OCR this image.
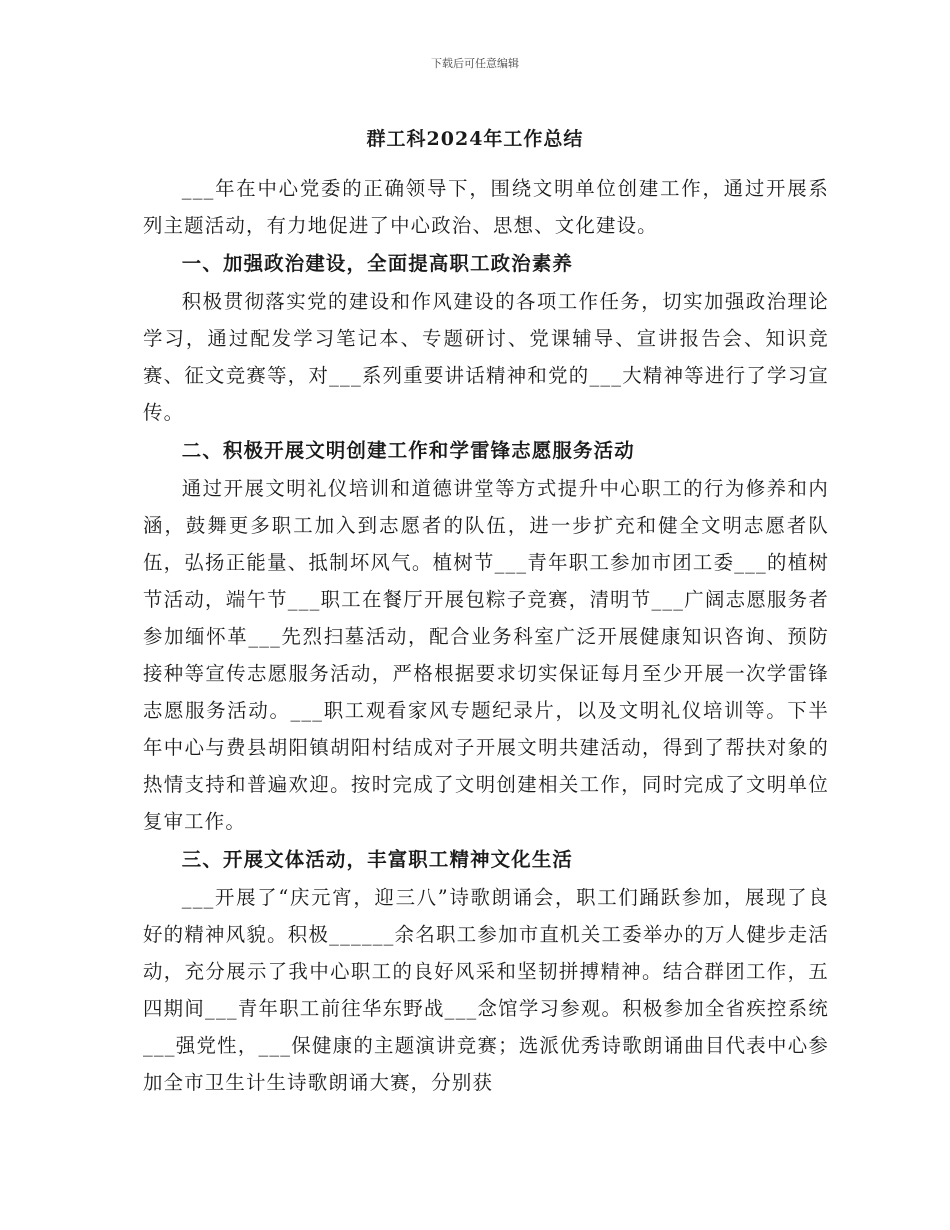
下载后可任意编辑
群工科2024年工作总结

___年在中心党委的正确领导下，围绕文明单位创建工作，通过开展系列主题活动，有力地促进了中心政治、思想、文化建设。

一、加强政治建设，全面提高职工政治素养

积极贯彻落实党的建设和作风建设的各项工作任务，切实加强政治理论学习，通过配发学习笔记本、专题研讨、党课辅导、宣讲报告会、知识竞赛、征文竞赛等，对___系列重要讲话精神和党的___大精神等进行了学习宣传。

二、积极开展文明创建工作和学雷锋志愿服务活动

通过开展文明礼仪培训和道德讲堂等方式提升中心职工的行为修养和内涵，鼓舞更多职工加入到志愿者的队伍，进一步扩充和健全文明志愿者队伍，弘扬正能量、抵制坏风气。植树节___青年职工参加市团工委___的植树节活动，端午节___职工在餐厅开展包粽子竞赛，清明节___广阔志愿服务者参加缅怀革___先烈扫墓活动，配合业务科室广泛开展健康知识咨询、预防接种等宣传志愿服务活动，严格根据要求切实保证每月至少开展一次学雷锋志愿服务活动。___职工观看家风专题纪录片，以及文明礼仪培训等。下半年中心与费县胡阳镇胡阳村结成对子开展文明共建活动，得到了帮扶对象的热情支持和普遍欢迎。按时完成了文明创建相关工作，同时完成了文明单位复审工作。

三、开展文体活动，丰富职工精神文化生活

___开展了“庆元宵，迎三八”诗歌朗诵会，职工们踊跃参加，展现了良好的精神风貌。积极______余名职工参加市直机关工委举办的万人健步走活动，充分展示了我中心职工的良好风采和坚韧拼搏精神。结合群团工作，五四期间___青年职工前往华东野战___念馆学习参观。积极参加全省疾控系统___强党性，___保健康的主题演讲竞赛；选派优秀诗歌朗诵曲目代表中心参加全市卫生计生诗歌朗诵大赛，分别获
